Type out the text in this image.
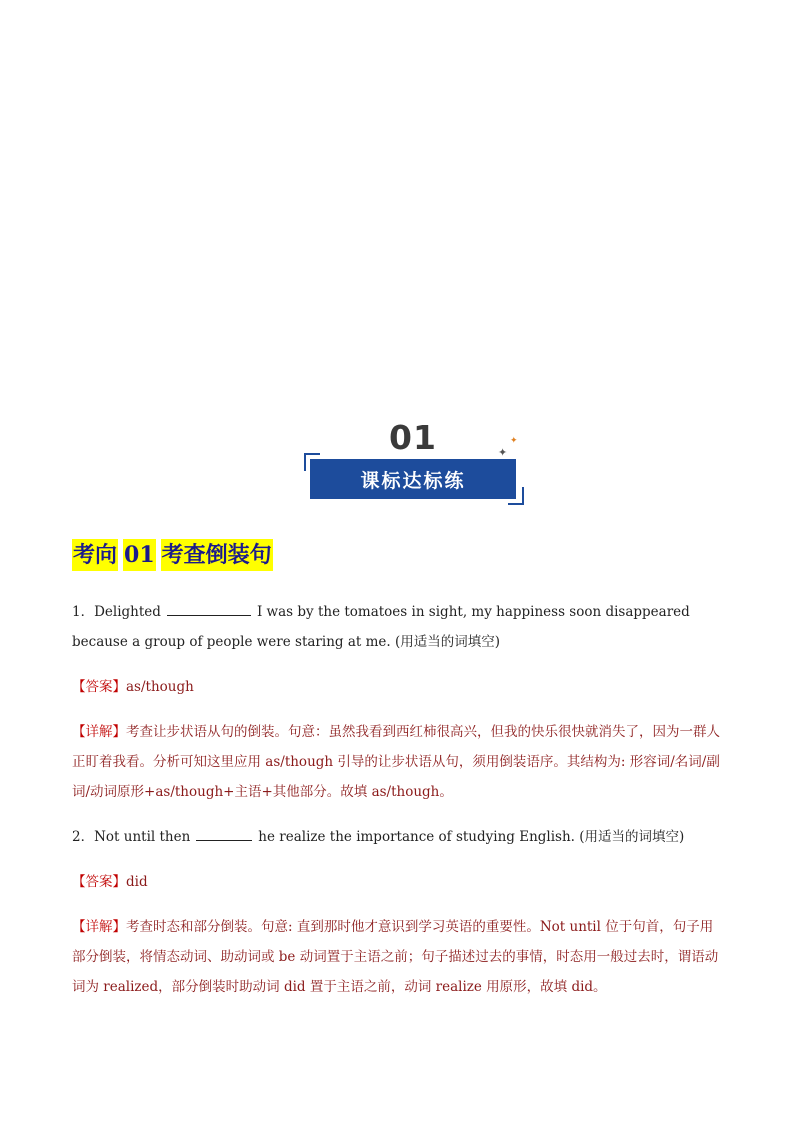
01
课标达标练
✦
✦
考向 01 考查倒装句

1．Delighted	I was by the tomatoes in sight, my happiness soon disappeared because a group of people were staring at me. (用适当的词填空)

【答案】as/though

【详解】考查让步状语从句的倒装。句意：虽然我看到西红柿很高兴，但我的快乐很快就消失了，因为一群人正盯着我看。分析可知这里应用 as/though 引导的让步状语从句，须用倒装语序。其结构为: 形容词/名词/副词/动词原形+as/though+主语+其他部分。故填 as/though。

2．Not until then	he realize the importance of studying English. (用适当的词填空)

【答案】did

【详解】考查时态和部分倒装。句意: 直到那时他才意识到学习英语的重要性。Not until 位于句首，句子用部分倒装，将情态动词、助动词或 be 动词置于主语之前；句子描述过去的事情，时态用一般过去时，谓语动词为 realized，部分倒装时助动词 did 置于主语之前，动词 realize 用原形，故填 did。
